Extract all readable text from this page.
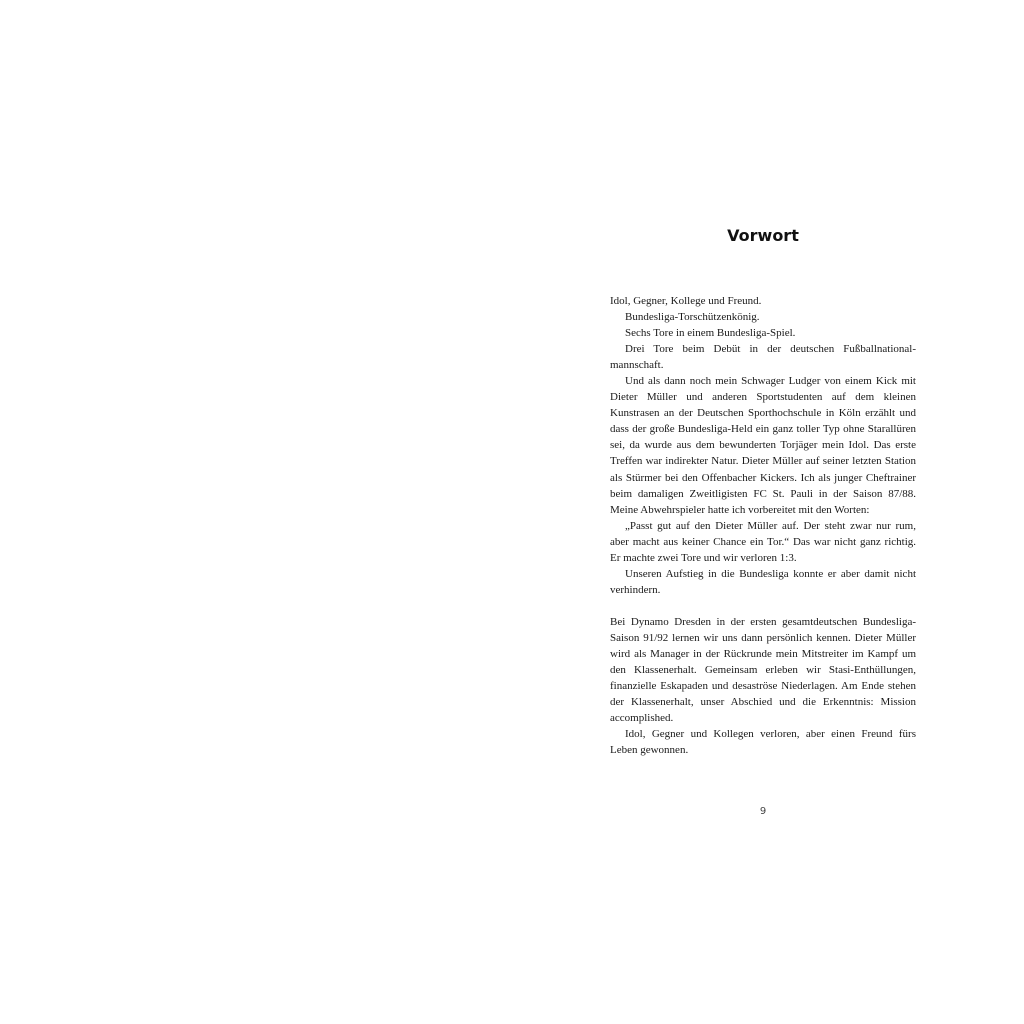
Vorwort

Idol, Gegner, Kollege und Freund.

Bundesliga-Torschützenkönig.

Sechs Tore in einem Bundesliga-Spiel.

Drei Tore beim Debüt in der deutschen Fußballnational-mannschaft.

Und als dann noch mein Schwager Ludger von einem Kick mit Dieter Müller und anderen Sportstudenten auf dem kleinen Kunstrasen an der Deutschen Sporthochschule in Köln erzählt und dass der große Bundesliga-Held ein ganz toller Typ ohne Starallüren sei, da wurde aus dem bewunderten Torjäger mein Idol. Das erste Treffen war indirekter Natur. Dieter Müller auf seiner letzten Station als Stürmer bei den Offenbacher Kickers. Ich als junger Cheftrainer beim damaligen Zweitligisten FC St. Pauli in der Saison 87/88. Meine Abwehrspieler hatte ich vorbereitet mit den Worten:

„Passt gut auf den Dieter Müller auf. Der steht zwar nur rum, aber macht aus keiner Chance ein Tor.“ Das war nicht ganz richtig. Er machte zwei Tore und wir verloren 1:3.

Unseren Aufstieg in die Bundesliga konnte er aber damit nicht verhindern.

Bei Dynamo Dresden in der ersten gesamtdeutschen Bundesliga-Saison 91/92 lernen wir uns dann persönlich kennen. Dieter Müller wird als Manager in der Rückrunde mein Mitstreiter im Kampf um den Klassenerhalt. Gemeinsam erleben wir Stasi-Enthüllungen, finanzielle Eskapaden und desaströse Niederlagen. Am Ende stehen der Klassenerhalt, unser Abschied und die Erkenntnis: Mission accomplished.

Idol, Gegner und Kollegen verloren, aber einen Freund fürs Leben gewonnen.

9
